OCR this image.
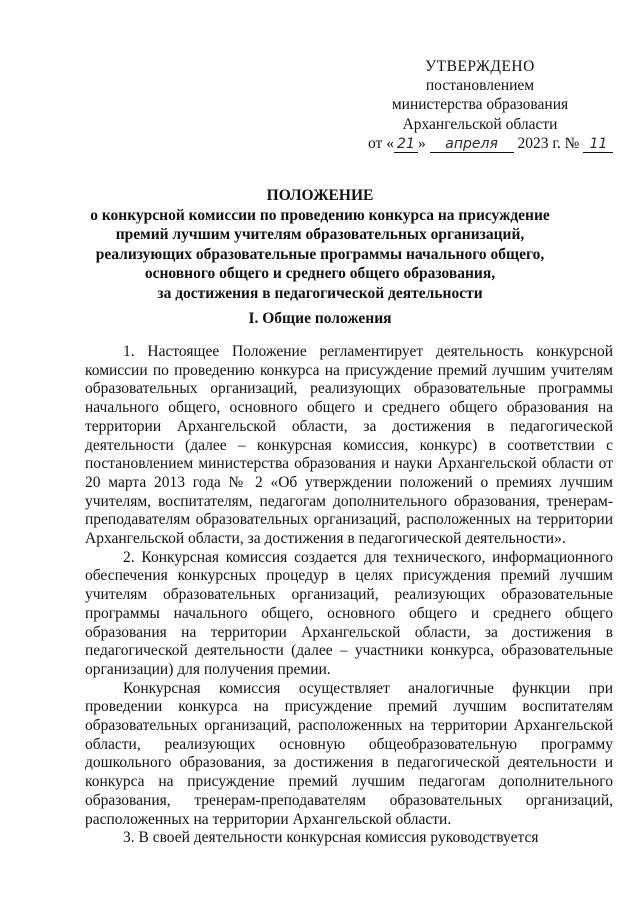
УТВЕРЖДЕНО
постановлением
министерства образования
Архангельской области
от « 21 » апреля 2023 г. № 11
ПОЛОЖЕНИЕ
о конкурсной комиссии по проведению конкурса на присуждение
премий лучшим учителям образовательных организаций,
реализующих образовательные программы начального общего,
основного общего и среднего общего образования,
за достижения в педагогической деятельности
I. Общие положения

1. Настоящее Положение регламентирует деятельность конкурсной комиссии по проведению конкурса на присуждение премий лучшим учителям образовательных организаций, реализующих образовательные программы начального общего, основного общего и среднего общего образования на территории Архангельской области, за достижения в педагогической деятельности (далее – конкурсная комиссия, конкурс) в соответствии с постановлением министерства образования и науки Архангельской области от 20 марта 2013 года № 2 «Об утверждении положений о премиях лучшим учителям, воспитателям, педагогам дополнительного образования, тренерам-преподавателям образовательных организаций, расположенных на территории Архангельской области, за достижения в педагогической деятельности».

2. Конкурсная комиссия создается для технического, информационного обеспечения конкурсных процедур в целях присуждения премий лучшим учителям образовательных организаций, реализующих образовательные программы начального общего, основного общего и среднего общего образования на территории Архангельской области, за достижения в педагогической деятельности (далее – участники конкурса, образовательные организации) для получения премии.

Конкурсная комиссия осуществляет аналогичные функции при проведении конкурса на присуждение премий лучшим воспитателям образовательных организаций, расположенных на территории Архангельской области, реализующих основную общеобразовательную программу дошкольного образования, за достижения в педагогической деятельности и конкурса на присуждение премий лучшим педагогам дополнительного образования, тренерам-преподавателям образовательных организаций, расположенных на территории Архангельской области.

3. В своей деятельности конкурсная комиссия руководствуется
